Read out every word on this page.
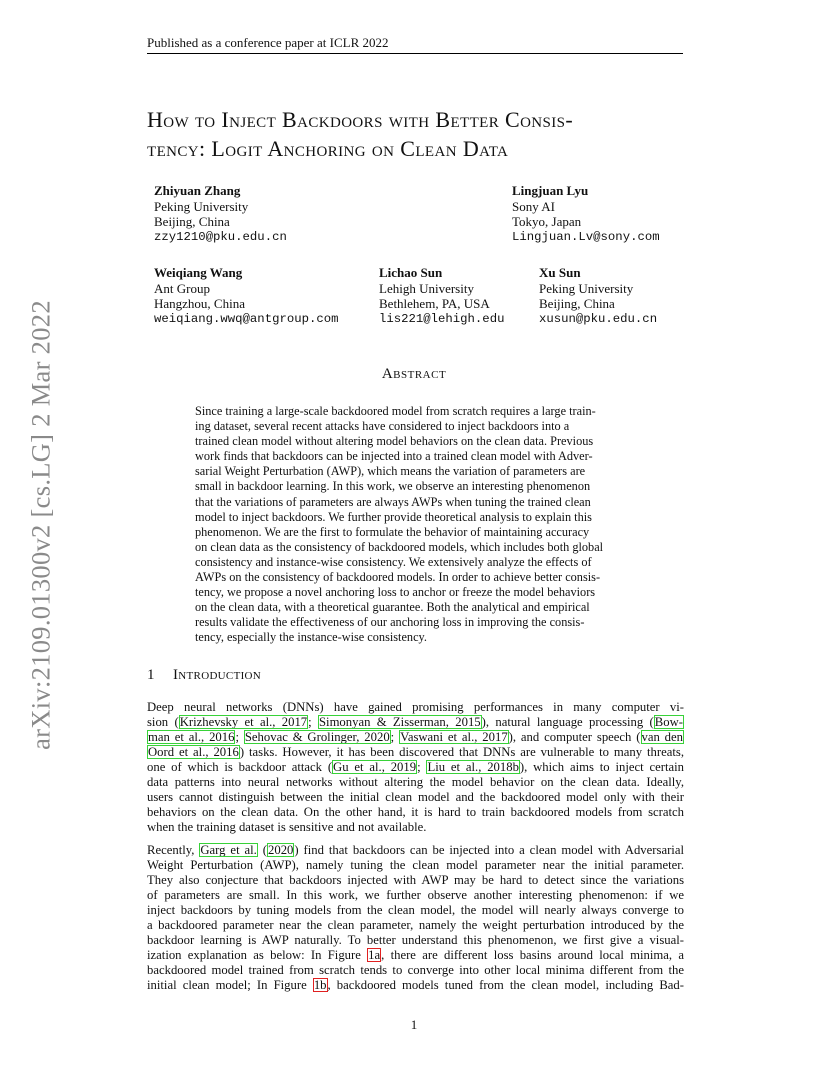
arXiv:2109.01300v2 [cs.LG] 2 Mar 2022
Published as a conference paper at ICLR 2022
How to Inject Backdoors with Better Consis-
tency: Logit Anchoring on Clean Data
Zhiyuan Zhang
Peking University
Beijing, China
zzy1210@pku.edu.cn
Lingjuan Lyu
Sony AI
Tokyo, Japan
Lingjuan.Lv@sony.com
Weiqiang Wang
Ant Group
Hangzhou, China
weiqiang.wwq@antgroup.com
Lichao Sun
Lehigh University
Bethlehem, PA, USA
lis221@lehigh.edu
Xu Sun
Peking University
Beijing, China
xusun@pku.edu.cn
Abstract
Since training a large-scale backdoored model from scratch requires a large train-
ing dataset, several recent attacks have considered to inject backdoors into a
trained clean model without altering model behaviors on the clean data. Previous
work finds that backdoors can be injected into a trained clean model with Adver-
sarial Weight Perturbation (AWP), which means the variation of parameters are
small in backdoor learning. In this work, we observe an interesting phenomenon
that the variations of parameters are always AWPs when tuning the trained clean
model to inject backdoors. We further provide theoretical analysis to explain this
phenomenon. We are the first to formulate the behavior of maintaining accuracy
on clean data as the consistency of backdoored models, which includes both global
consistency and instance-wise consistency. We extensively analyze the effects of
AWPs on the consistency of backdoored models. In order to achieve better consis-
tency, we propose a novel anchoring loss to anchor or freeze the model behaviors
on the clean data, with a theoretical guarantee. Both the analytical and empirical
results validate the effectiveness of our anchoring loss in improving the consis-
tency, especially the instance-wise consistency.
1 Introduction
Deep neural networks (DNNs) have gained promising performances in many computer vi-
sion (Krizhevsky et al., 2017; Simonyan & Zisserman, 2015), natural language processing (Bow-
man et al., 2016; Sehovac & Grolinger, 2020; Vaswani et al., 2017), and computer speech (van den
Oord et al., 2016) tasks. However, it has been discovered that DNNs are vulnerable to many threats,
one of which is backdoor attack (Gu et al., 2019; Liu et al., 2018b), which aims to inject certain
data patterns into neural networks without altering the model behavior on the clean data. Ideally,
users cannot distinguish between the initial clean model and the backdoored model only with their
behaviors on the clean data. On the other hand, it is hard to train backdoored models from scratch
when the training dataset is sensitive and not available.
Recently, Garg et al. (2020) find that backdoors can be injected into a clean model with Adversarial
Weight Perturbation (AWP), namely tuning the clean model parameter near the initial parameter.
They also conjecture that backdoors injected with AWP may be hard to detect since the variations
of parameters are small. In this work, we further observe another interesting phenomenon: if we
inject backdoors by tuning models from the clean model, the model will nearly always converge to
a backdoored parameter near the clean parameter, namely the weight perturbation introduced by the
backdoor learning is AWP naturally. To better understand this phenomenon, we first give a visual-
ization explanation as below: In Figure 1a, there are different loss basins around local minima, a
backdoored model trained from scratch tends to converge into other local minima different from the
initial clean model; In Figure 1b, backdoored models tuned from the clean model, including Bad-
1
